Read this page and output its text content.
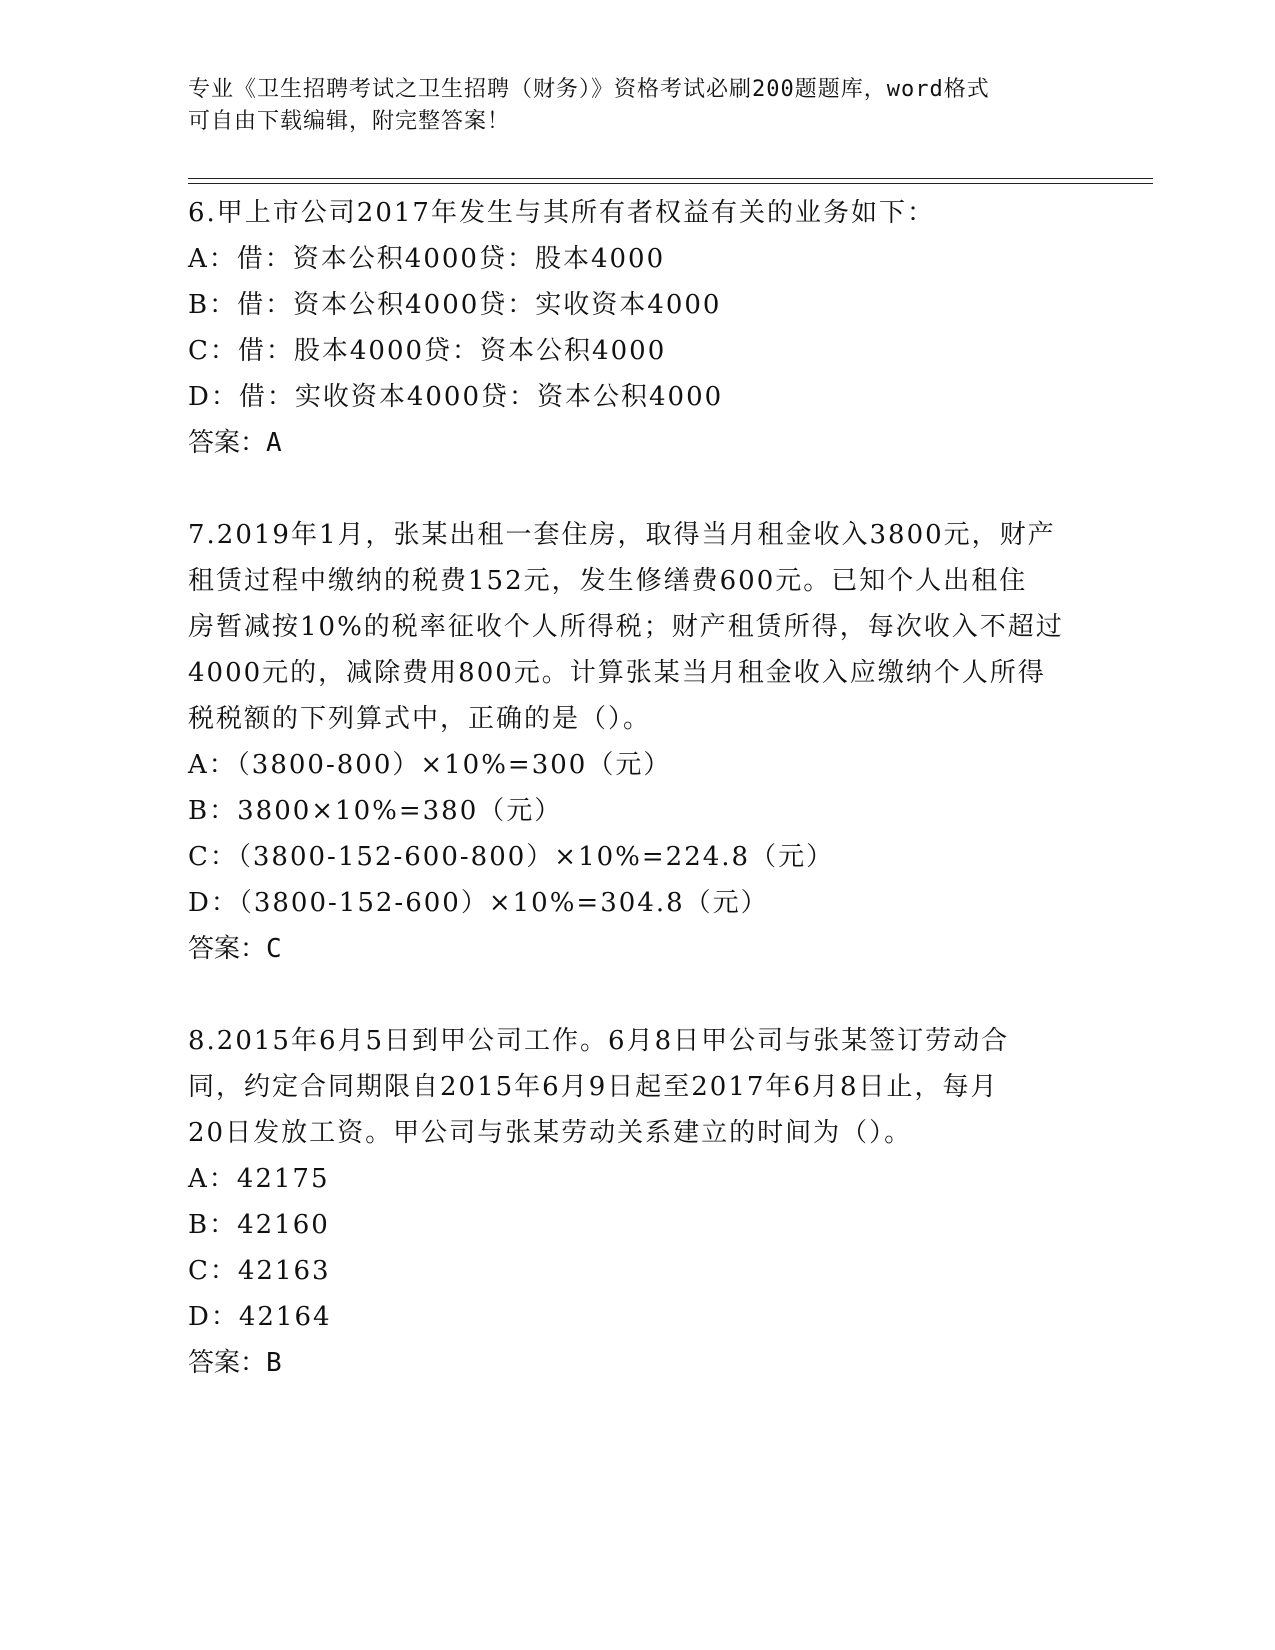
专业《卫生招聘考试之卫生招聘（财务）》资格考试必刷200题题库，word格式
可自由下载编辑，附完整答案！
6.甲上市公司2017年发生与其所有者权益有关的业务如下：
A：借：资本公积4000贷：股本4000
B：借：资本公积4000贷：实收资本4000
C：借：股本4000贷：资本公积4000
D：借：实收资本4000贷：资本公积4000
答案：A
7.2019年1月，张某出租一套住房，取得当月租金收入3800元，财产
租赁过程中缴纳的税费152元，发生修缮费600元。已知个人出租住
房暂减按10%的税率征收个人所得税；财产租赁所得，每次收入不超过
4000元的，减除费用800元。计算张某当月租金收入应缴纳个人所得
税税额的下列算式中，正确的是（）。
A：（3800-800）×10%=300（元）
B：3800×10%=380（元）
C：（3800-152-600-800）×10%=224.8（元）
D：（3800-152-600）×10%=304.8（元）
答案：C
8.2015年6月5日到甲公司工作。6月8日甲公司与张某签订劳动合
同，约定合同期限自2015年6月9日起至2017年6月8日止，每月
20日发放工资。甲公司与张某劳动关系建立的时间为（）。
A：42175
B：42160
C：42163
D：42164
答案：B
